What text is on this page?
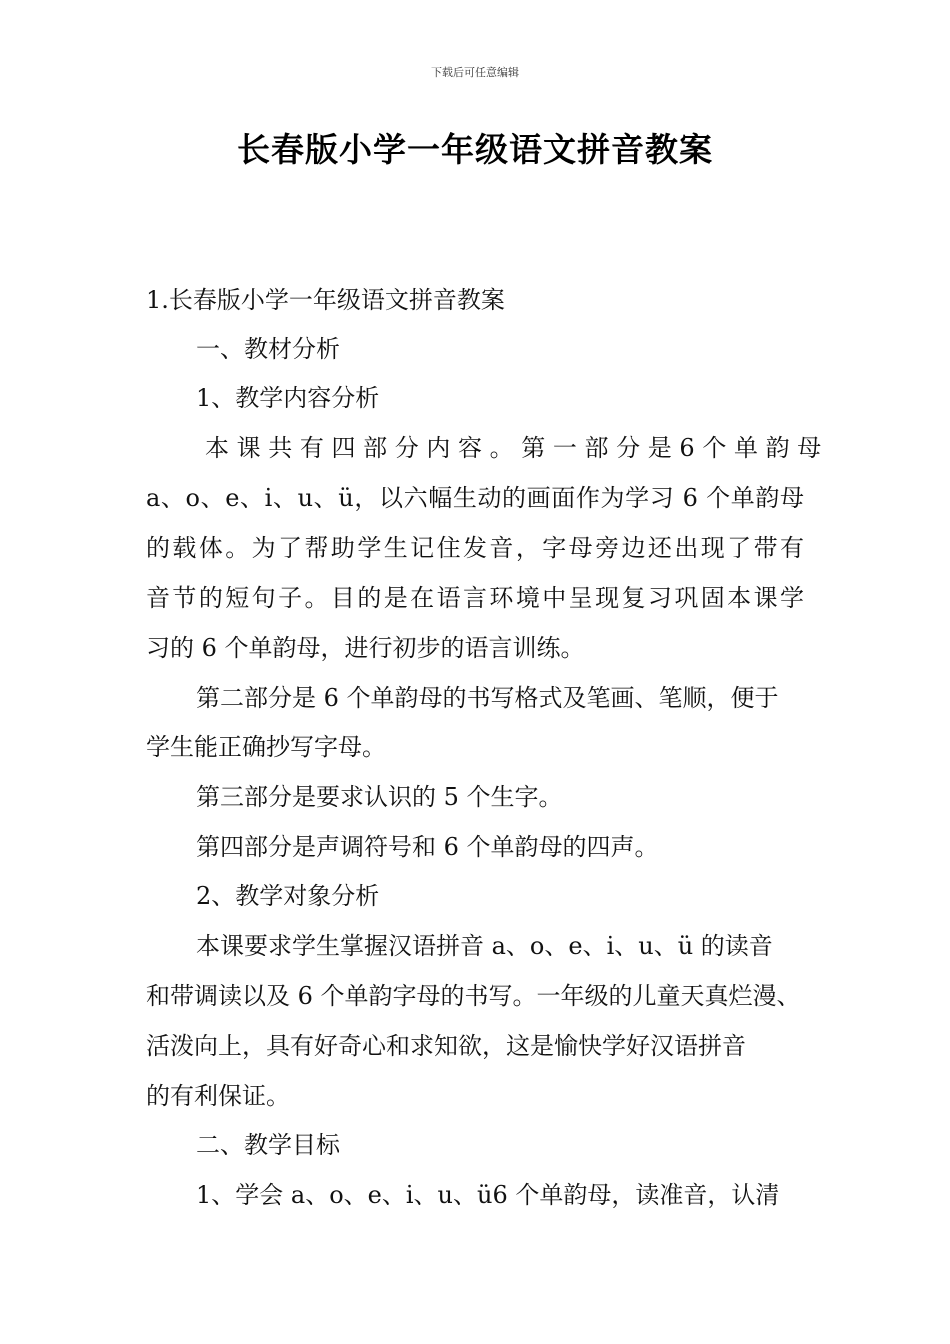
下载后可任意编辑
长春版小学一年级语文拼音教案
1.长春版小学一年级语文拼音教案
一、教材分析
1、教学内容分析
本 课 共 有 四 部 分 内 容 。 第 一 部 分 是 6 个 单 韵 母
a、o、e、i、u、ü，以六幅生动的画面作为学习 6 个单韵母
的载体。为了帮助学生记住发音，字母旁边还出现了带有
音节的短句子。目的是在语言环境中呈现复习巩固本课学
习的 6 个单韵母，进行初步的语言训练。
第二部分是 6 个单韵母的书写格式及笔画、笔顺，便于
学生能正确抄写字母。
第三部分是要求认识的 5 个生字。
第四部分是声调符号和 6 个单韵母的四声。
2、教学对象分析
本课要求学生掌握汉语拼音 a、o、e、i、u、ü 的读音
和带调读以及 6 个单韵字母的书写。一年级的儿童天真烂漫、
活泼向上，具有好奇心和求知欲，这是愉快学好汉语拼音
的有利保证。
二、教学目标
1、学会 a、o、e、i、u、ü6 个单韵母，读准音，认清
